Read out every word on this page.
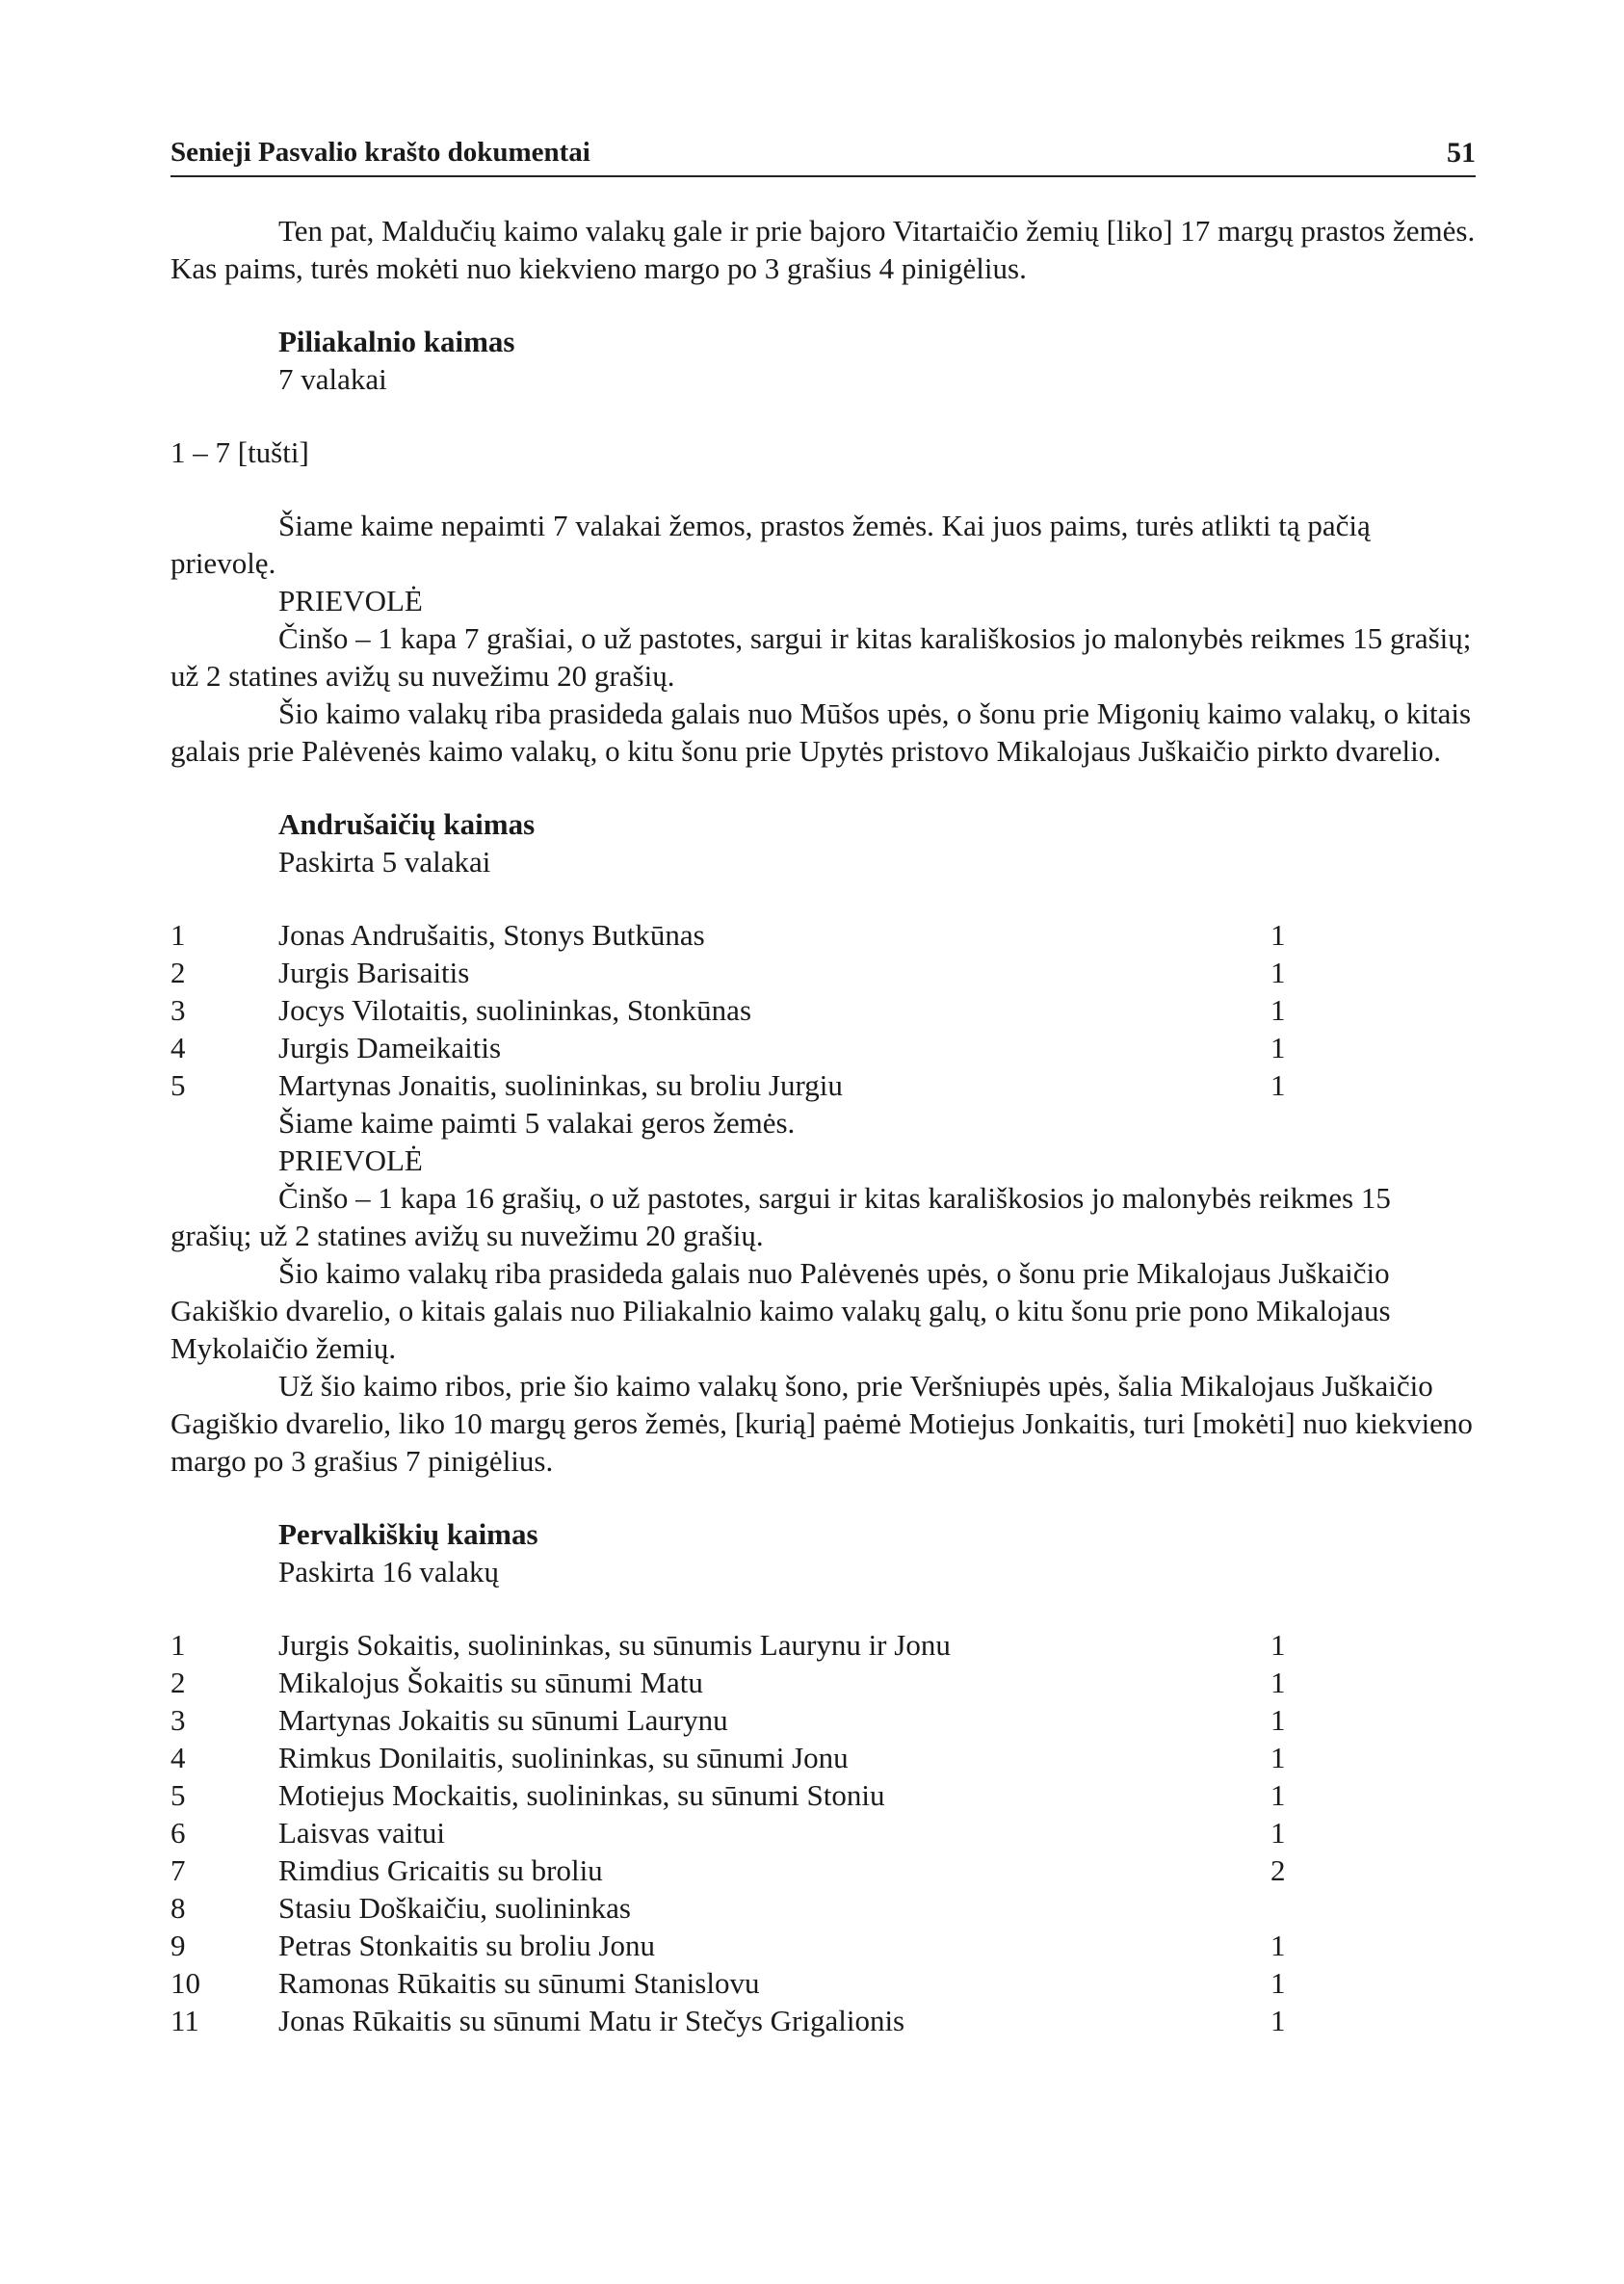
Senieji Pasvalio krašto dokumentai	51

Ten pat, Maldučių kaimo valakų gale ir prie bajoro Vitartaičio žemių [liko] 17 margų prastos žemės. Kas paims, turės mokėti nuo kiekvieno margo po 3 grašius 4 pinigėlius.

Piliakalnio kaimas

7 valakai

1 – 7 [tušti]

Šiame kaime nepaimti 7 valakai žemos, prastos žemės. Kai juos paims, turės atlikti tą pačią prievolę.

PRIEVOLĖ

Činšo – 1 kapa 7 grašiai, o už pastotes, sargui ir kitas karališkosios jo malonybės reikmes 15 grašių; už 2 statines avižų su nuvežimu 20 grašių.

Šio kaimo valakų riba prasideda galais nuo Mūšos upės, o šonu prie Migonių kaimo valakų, o kitais galais prie Palėvenės kaimo valakų, o kitu šonu prie Upytės pristovo Mikalojaus Juškaičio pirkto dvarelio.

Andrušaičių kaimas

Paskirta 5 valakai

1	Jonas Andrušaitis, Stonys Butkūnas	1
2	Jurgis Barisaitis	1
3	Jocys Vilotaitis, suolininkas, Stonkūnas	1
4	Jurgis Dameikaitis	1
5	Martynas Jonaitis, suolininkas, su broliu Jurgiu	1

Šiame kaime paimti 5 valakai geros žemės.

PRIEVOLĖ

Činšo – 1 kapa 16 grašių, o už pastotes, sargui ir kitas karališkosios jo malonybės reikmes 15 grašių; už 2 statines avižų su nuvežimu 20 grašių.

Šio kaimo valakų riba prasideda galais nuo Palėvenės upės, o šonu prie Mikalojaus Juškaičio Gakiškio dvarelio, o kitais galais nuo Piliakalnio kaimo valakų galų, o kitu šonu prie pono Mikalojaus Mykolaičio žemių.

Už šio kaimo ribos, prie šio kaimo valakų šono, prie Veršniupės upės, šalia Mikalojaus Juškaičio Gagiškio dvarelio, liko 10 margų geros žemės, [kurią] paėmė Motiejus Jonkaitis, turi [mokėti] nuo kiekvieno margo po 3 grašius 7 pinigėlius.

Pervalkiškių kaimas

Paskirta 16 valakų

1	Jurgis Sokaitis, suolininkas, su sūnumis Laurynu ir Jonu	1
2	Mikalojus Šokaitis su sūnumi Matu	1
3	Martynas Jokaitis su sūnumi Laurynu	1
4	Rimkus Donilaitis, suolininkas, su sūnumi Jonu	1
5	Motiejus Mockaitis, suolininkas, su sūnumi Stoniu	1
6	Laisvas vaitui	1
7	Rimdius Gricaitis su broliu	2
8	Stasiu Doškaičiu, suolininkas
9	Petras Stonkaitis su broliu Jonu	1
10	Ramonas Rūkaitis su sūnumi Stanislovu	1
11	Jonas Rūkaitis su sūnumi Matu ir Stečys Grigalionis	1
